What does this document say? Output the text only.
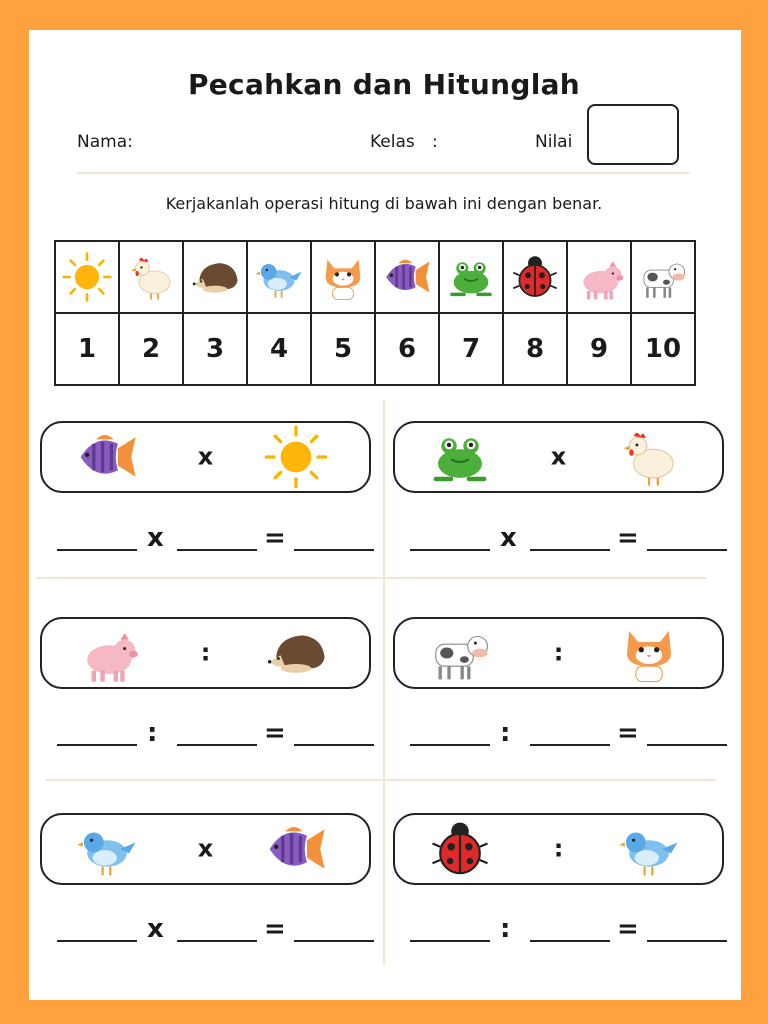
Pecahkan dan Hitunglah
Nama:	Kelas :	Nilai
Kerjakanlah operasi hitung di bawah ini dengan benar.

1	2	3	4	5	6	7	8	9	10
x
x	=
x
x	=
:
:	=
:
:	=
x
x	=
:
:	=
